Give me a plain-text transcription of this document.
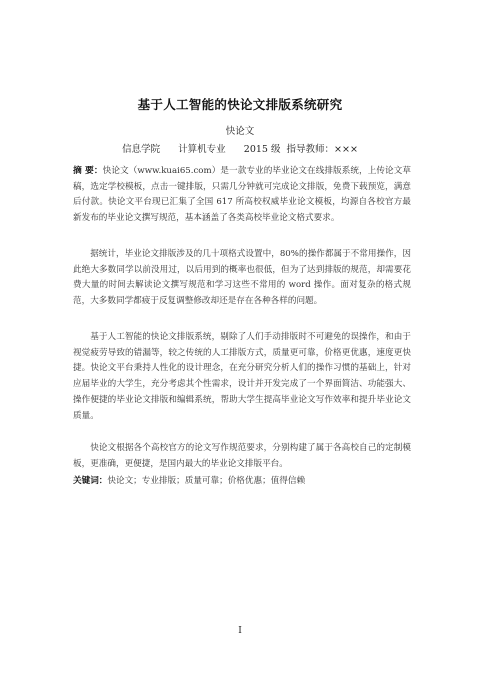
基于人工智能的快论文排版系统研究
快论文
信息学院      计算机专业      2015 级  指导教师：×××

摘 要：快论文（www.kuai65.com）是一款专业的毕业论文在线排版系统，上传论文草稿，选定学校模板，点击一键排版，只需几分钟就可完成论文排版，免费下载预览，满意后付款。快论文平台现已汇集了全国 617 所高校权威毕业论文模板，均源自各校官方最新发布的毕业论文撰写规范，基本涵盖了各类高校毕业论文格式要求。

据统计，毕业论文排版涉及的几十项格式设置中，80%的操作都属于不常用操作，因此绝大多数同学以前没用过，以后用到的概率也很低，但为了达到排版的规范，却需要花费大量的时间去解读论文撰写规范和学习这些不常用的 word 操作。面对复杂的格式规范，大多数同学都疲于反复调整修改却还是存在各种各样的问题。

基于人工智能的快论文排版系统，剔除了人们手动排版时不可避免的误操作，和由于视觉疲劳导致的错漏等，较之传统的人工排版方式，质量更可靠，价格更优惠，速度更快捷。快论文平台秉持人性化的设计理念，在充分研究分析人们的操作习惯的基础上，针对应届毕业的大学生，充分考虑其个性需求，设计并开发完成了一个界面简洁、功能强大、操作便捷的毕业论文排版和编辑系统，帮助大学生提高毕业论文写作效率和提升毕业论文质量。

快论文根据各个高校官方的论文写作规范要求，分别构建了属于各高校自己的定制模板，更准确，更便捷，是国内最大的毕业论文排版平台。

关键词：快论文；专业排版；质量可靠；价格优惠；值得信赖
I
